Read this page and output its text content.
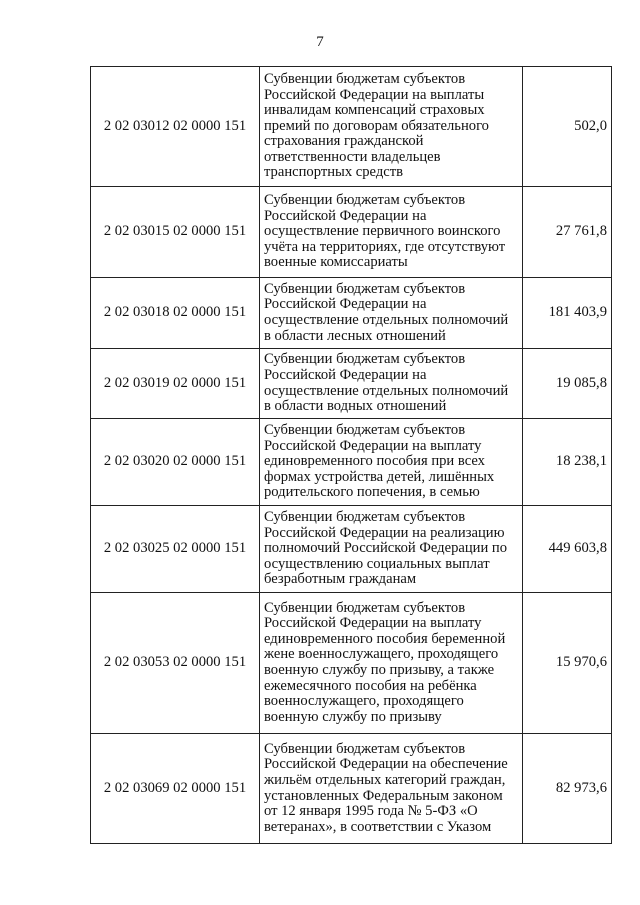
7
2 02 03012 02 0000 151	Субвенции бюджетам субъектов Российской Федерации на выплаты инвалидам компенсаций страховых премий по договорам обязательного страхования гражданской ответственности владельцев транспортных средств	502,0
2 02 03015 02 0000 151	Субвенции бюджетам субъектов Российской Федерации на осуществление первичного воинского учёта на территориях, где отсутствуют военные комиссариаты	27 761,8
2 02 03018 02 0000 151	Субвенции бюджетам субъектов Российской Федерации на осуществление отдельных полномочий в области лесных отношений	181 403,9
2 02 03019 02 0000 151	Субвенции бюджетам субъектов Российской Федерации на осуществление отдельных полномочий в области водных отношений	19 085,8
2 02 03020 02 0000 151	Субвенции бюджетам субъектов Российской Федерации на выплату единовременного пособия при всех формах устройства детей, лишённых родительского попечения, в семью	18 238,1
2 02 03025 02 0000 151	Субвенции бюджетам субъектов Российской Федерации на реализацию полномочий Российской Федерации по осуществлению социальных выплат безработным гражданам	449 603,8
2 02 03053 02 0000 151	Субвенции бюджетам субъектов Российской Федерации на выплату единовременного пособия беременной жене военнослужащего, проходящего военную службу по призыву, а также ежемесячного пособия на ребёнка военнослужащего, проходящего военную службу по призыву	15 970,6
2 02 03069 02 0000 151	Субвенции бюджетам субъектов Российской Федерации на обеспечение жильём отдельных категорий граждан, установленных Федеральным законом от 12 января 1995 года № 5-ФЗ «О ветеранах», в соответствии с Указом	82 973,6
